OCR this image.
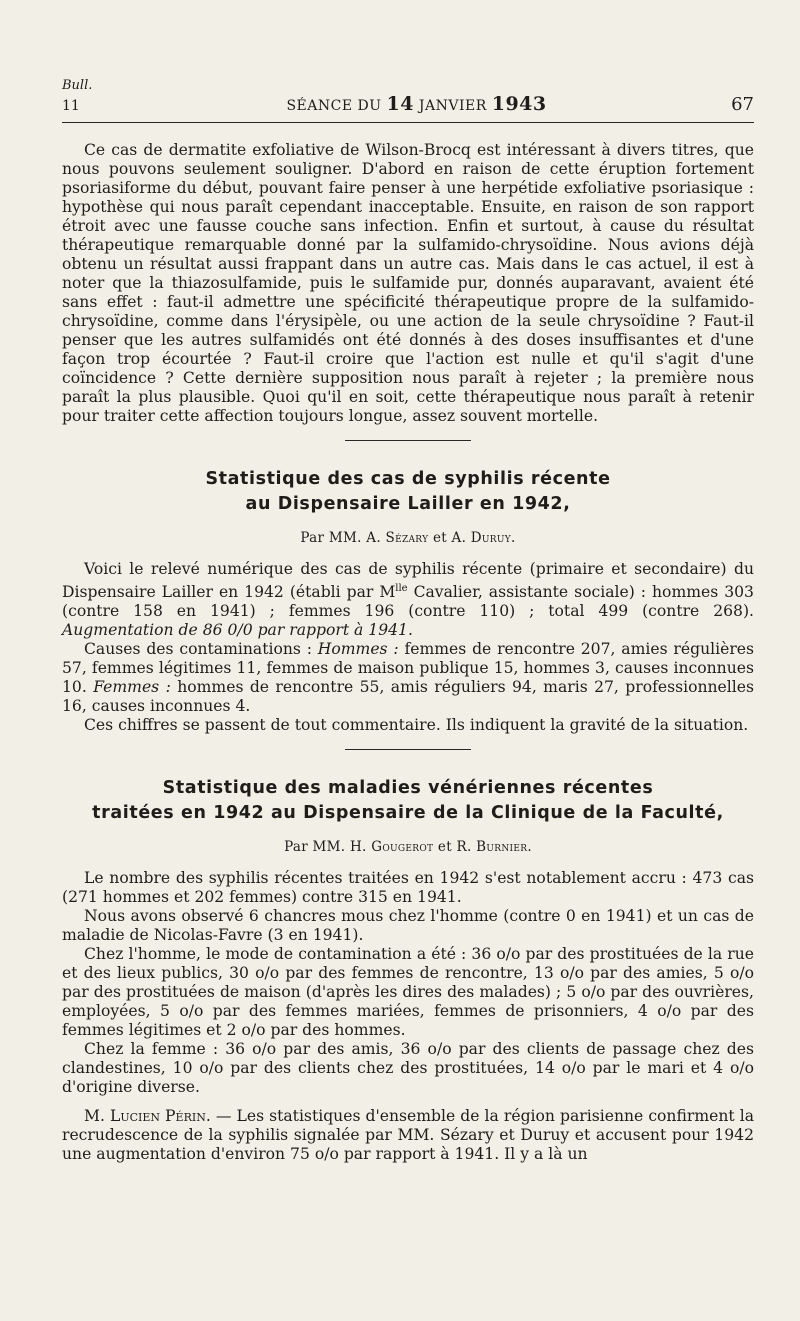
Bull.
11	SÉANCE DU 14 JANVIER 1943	67

Ce cas de dermatite exfoliative de Wilson-Brocq est intéressant à divers titres, que nous pouvons seulement souligner. D'abord en raison de cette éruption fortement psoriasiforme du début, pouvant faire penser à une herpétide exfoliative psoriasique : hypothèse qui nous paraît cependant inacceptable. Ensuite, en raison de son rapport étroit avec une fausse couche sans infection. Enfin et surtout, à cause du résultat thérapeutique remarquable donné par la sulfamido-chrysoïdine. Nous avions déjà obtenu un résultat aussi frappant dans un autre cas. Mais dans le cas actuel, il est à noter que la thiazosulfamide, puis le sulfamide pur, donnés auparavant, avaient été sans effet : faut-il admettre une spécificité thérapeutique propre de la sulfamido-chrysoïdine, comme dans l'érysipèle, ou une action de la seule chrysoïdine ? Faut-il penser que les autres sulfamidés ont été donnés à des doses insuffisantes et d'une façon trop écourtée ? Faut-il croire que l'action est nulle et qu'il s'agit d'une coïncidence ? Cette dernière supposition nous paraît à rejeter ; la première nous paraît la plus plausible. Quoi qu'il en soit, cette thérapeutique nous paraît à retenir pour traiter cette affection toujours longue, assez souvent mortelle.

Statistique des cas de syphilis récente
au Dispensaire Lailler en 1942,
Par MM. A. Sézary et A. Duruy.

Voici le relevé numérique des cas de syphilis récente (primaire et secondaire) du Dispensaire Lailler en 1942 (établi par $M^{lle}$ Cavalier, assistante sociale) : hommes 303 (contre 158 en 1941) ; femmes 196 (contre 110) ; total 499 (contre 268). Augmentation de 86 0/0 par rapport à 1941.

Causes des contaminations : Hommes : femmes de rencontre 207, amies régulières 57, femmes légitimes 11, femmes de maison publique 15, hommes 3, causes inconnues 10. Femmes : hommes de rencontre 55, amis réguliers 94, maris 27, professionnelles 16, causes inconnues 4.

Ces chiffres se passent de tout commentaire. Ils indiquent la gravité de la situation.

Statistique des maladies vénériennes récentes
traitées en 1942 au Dispensaire de la Clinique de la Faculté,
Par MM. H. Gougerot et R. Burnier.

Le nombre des syphilis récentes traitées en 1942 s'est notablement accru : 473 cas (271 hommes et 202 femmes) contre 315 en 1941.

Nous avons observé 6 chancres mous chez l'homme (contre 0 en 1941) et un cas de maladie de Nicolas-Favre (3 en 1941).

Chez l'homme, le mode de contamination a été : 36 o/o par des prostituées de la rue et des lieux publics, 30 o/o par des femmes de rencontre, 13 o/o par des amies, 5 o/o par des prostituées de maison (d'après les dires des malades) ; 5 o/o par des ouvrières, employées, 5 o/o par des femmes mariées, femmes de prisonniers, 4 o/o par des femmes légitimes et 2 o/o par des hommes.

Chez la femme : 36 o/o par des amis, 36 o/o par des clients de passage chez des clandestines, 10 o/o par des clients chez des prostituées, 14 o/o par le mari et 4 o/o d'origine diverse.

M. Lucien Périn. — Les statistiques d'ensemble de la région parisienne confirment la recrudescence de la syphilis signalée par MM. Sézary et Duruy et accusent pour 1942 une augmentation d'environ 75 o/o par rapport à 1941. Il y a là un
